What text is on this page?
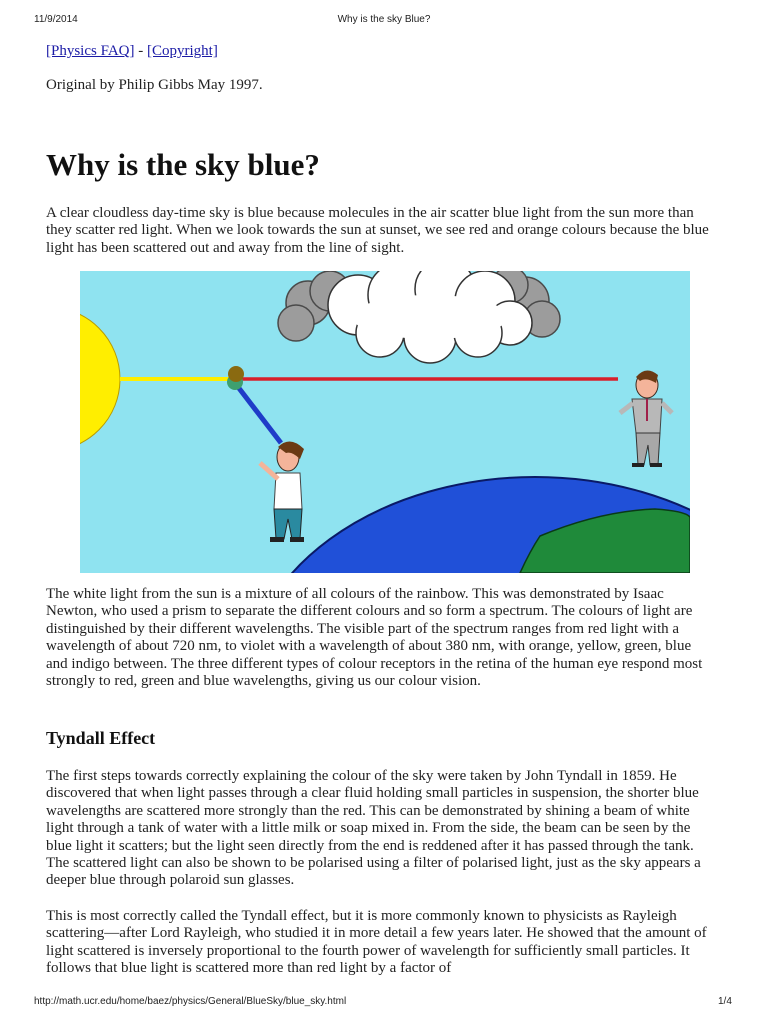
11/9/2014	Why is the sky Blue?
[Physics FAQ] - [Copyright]
Original by Philip Gibbs May 1997.
Why is the sky blue?
A clear cloudless day-time sky is blue because molecules in the air scatter blue light from the sun more than they scatter red light. When we look towards the sun at sunset, we see red and orange colours because the blue light has been scattered out and away from the line of sight.
The white light from the sun is a mixture of all colours of the rainbow. This was demonstrated by Isaac Newton, who used a prism to separate the different colours and so form a spectrum. The colours of light are distinguished by their different wavelengths. The visible part of the spectrum ranges from red light with a wavelength of about 720 nm, to violet with a wavelength of about 380 nm, with orange, yellow, green, blue and indigo between. The three different types of colour receptors in the retina of the human eye respond most strongly to red, green and blue wavelengths, giving us our colour vision.
Tyndall Effect
The first steps towards correctly explaining the colour of the sky were taken by John Tyndall in 1859. He discovered that when light passes through a clear fluid holding small particles in suspension, the shorter blue wavelengths are scattered more strongly than the red. This can be demonstrated by shining a beam of white light through a tank of water with a little milk or soap mixed in. From the side, the beam can be seen by the blue light it scatters; but the light seen directly from the end is reddened after it has passed through the tank. The scattered light can also be shown to be polarised using a filter of polarised light, just as the sky appears a deeper blue through polaroid sun glasses.
This is most correctly called the Tyndall effect, but it is more commonly known to physicists as Rayleigh scattering—after Lord Rayleigh, who studied it in more detail a few years later. He showed that the amount of light scattered is inversely proportional to the fourth power of wavelength for sufficiently small particles. It follows that blue light is scattered more than red light by a factor of
http://math.ucr.edu/home/baez/physics/General/BlueSky/blue_sky.html	1/4
